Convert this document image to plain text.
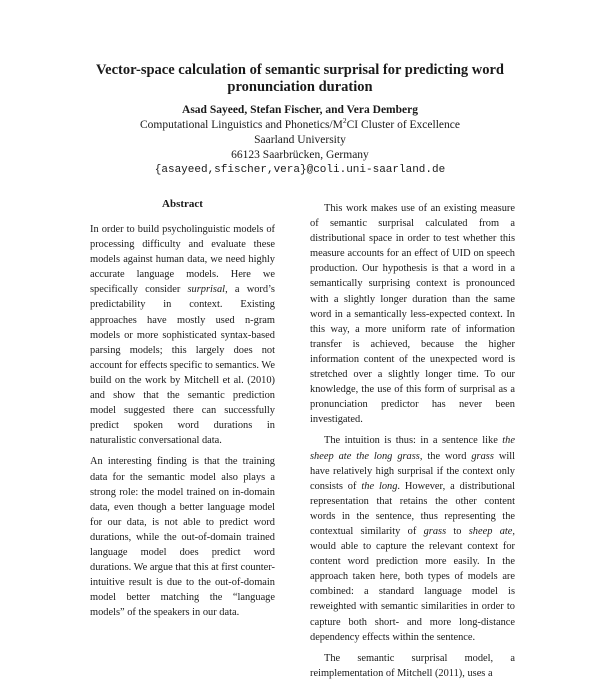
Vector-space calculation of semantic surprisal for predicting word
pronunciation duration
Asad Sayeed, Stefan Fischer, and Vera Demberg
Computational Linguistics and Phonetics/$M^2CI$ Cluster of Excellence
Saarland University
66123 Saarbrücken, Germany
{asayeed,sfischer,vera}@coli.uni-saarland.de
Abstract

In order to build psycholinguistic models of processing difficulty and evaluate these models against human data, we need highly accurate language models. Here we specifically consider surprisal, a word’s predictability in context. Existing approaches have mostly used n-gram models or more sophisticated syntax-based parsing models; this largely does not account for effects specific to semantics. We build on the work by Mitchell et al. (2010) and show that the semantic prediction model suggested there can successfully predict spoken word durations in naturalistic conversational data.

An interesting finding is that the training data for the semantic model also plays a strong role: the model trained on in-domain data, even though a better language model for our data, is not able to predict word durations, while the out-of-domain trained language model does predict word durations. We argue that this at first counter-intuitive result is due to the out-of-domain model better matching the “language models” of the speakers in our data.

This work makes use of an existing measure of semantic surprisal calculated from a distributional space in order to test whether this measure accounts for an effect of UID on speech production. Our hypothesis is that a word in a semantically surprising context is pronounced with a slightly longer duration than the same word in a semantically less-expected context. In this way, a more uniform rate of information transfer is achieved, because the higher information content of the unexpected word is stretched over a slightly longer time. To our knowledge, the use of this form of surprisal as a pronunciation predictor has never been investigated.

The intuition is thus: in a sentence like the sheep ate the long grass, the word grass will have relatively high surprisal if the context only consists of the long. However, a distributional representation that retains the other content words in the sentence, thus representing the contextual similarity of grass to sheep ate, would able to capture the relevant context for content word prediction more easily. In the approach taken here, both types of models are combined: a standard language model is reweighted with semantic similarities in order to capture both short- and more long-distance dependency effects within the sentence.

The semantic surprisal model, a reimplementation of Mitchell (2011), uses a
